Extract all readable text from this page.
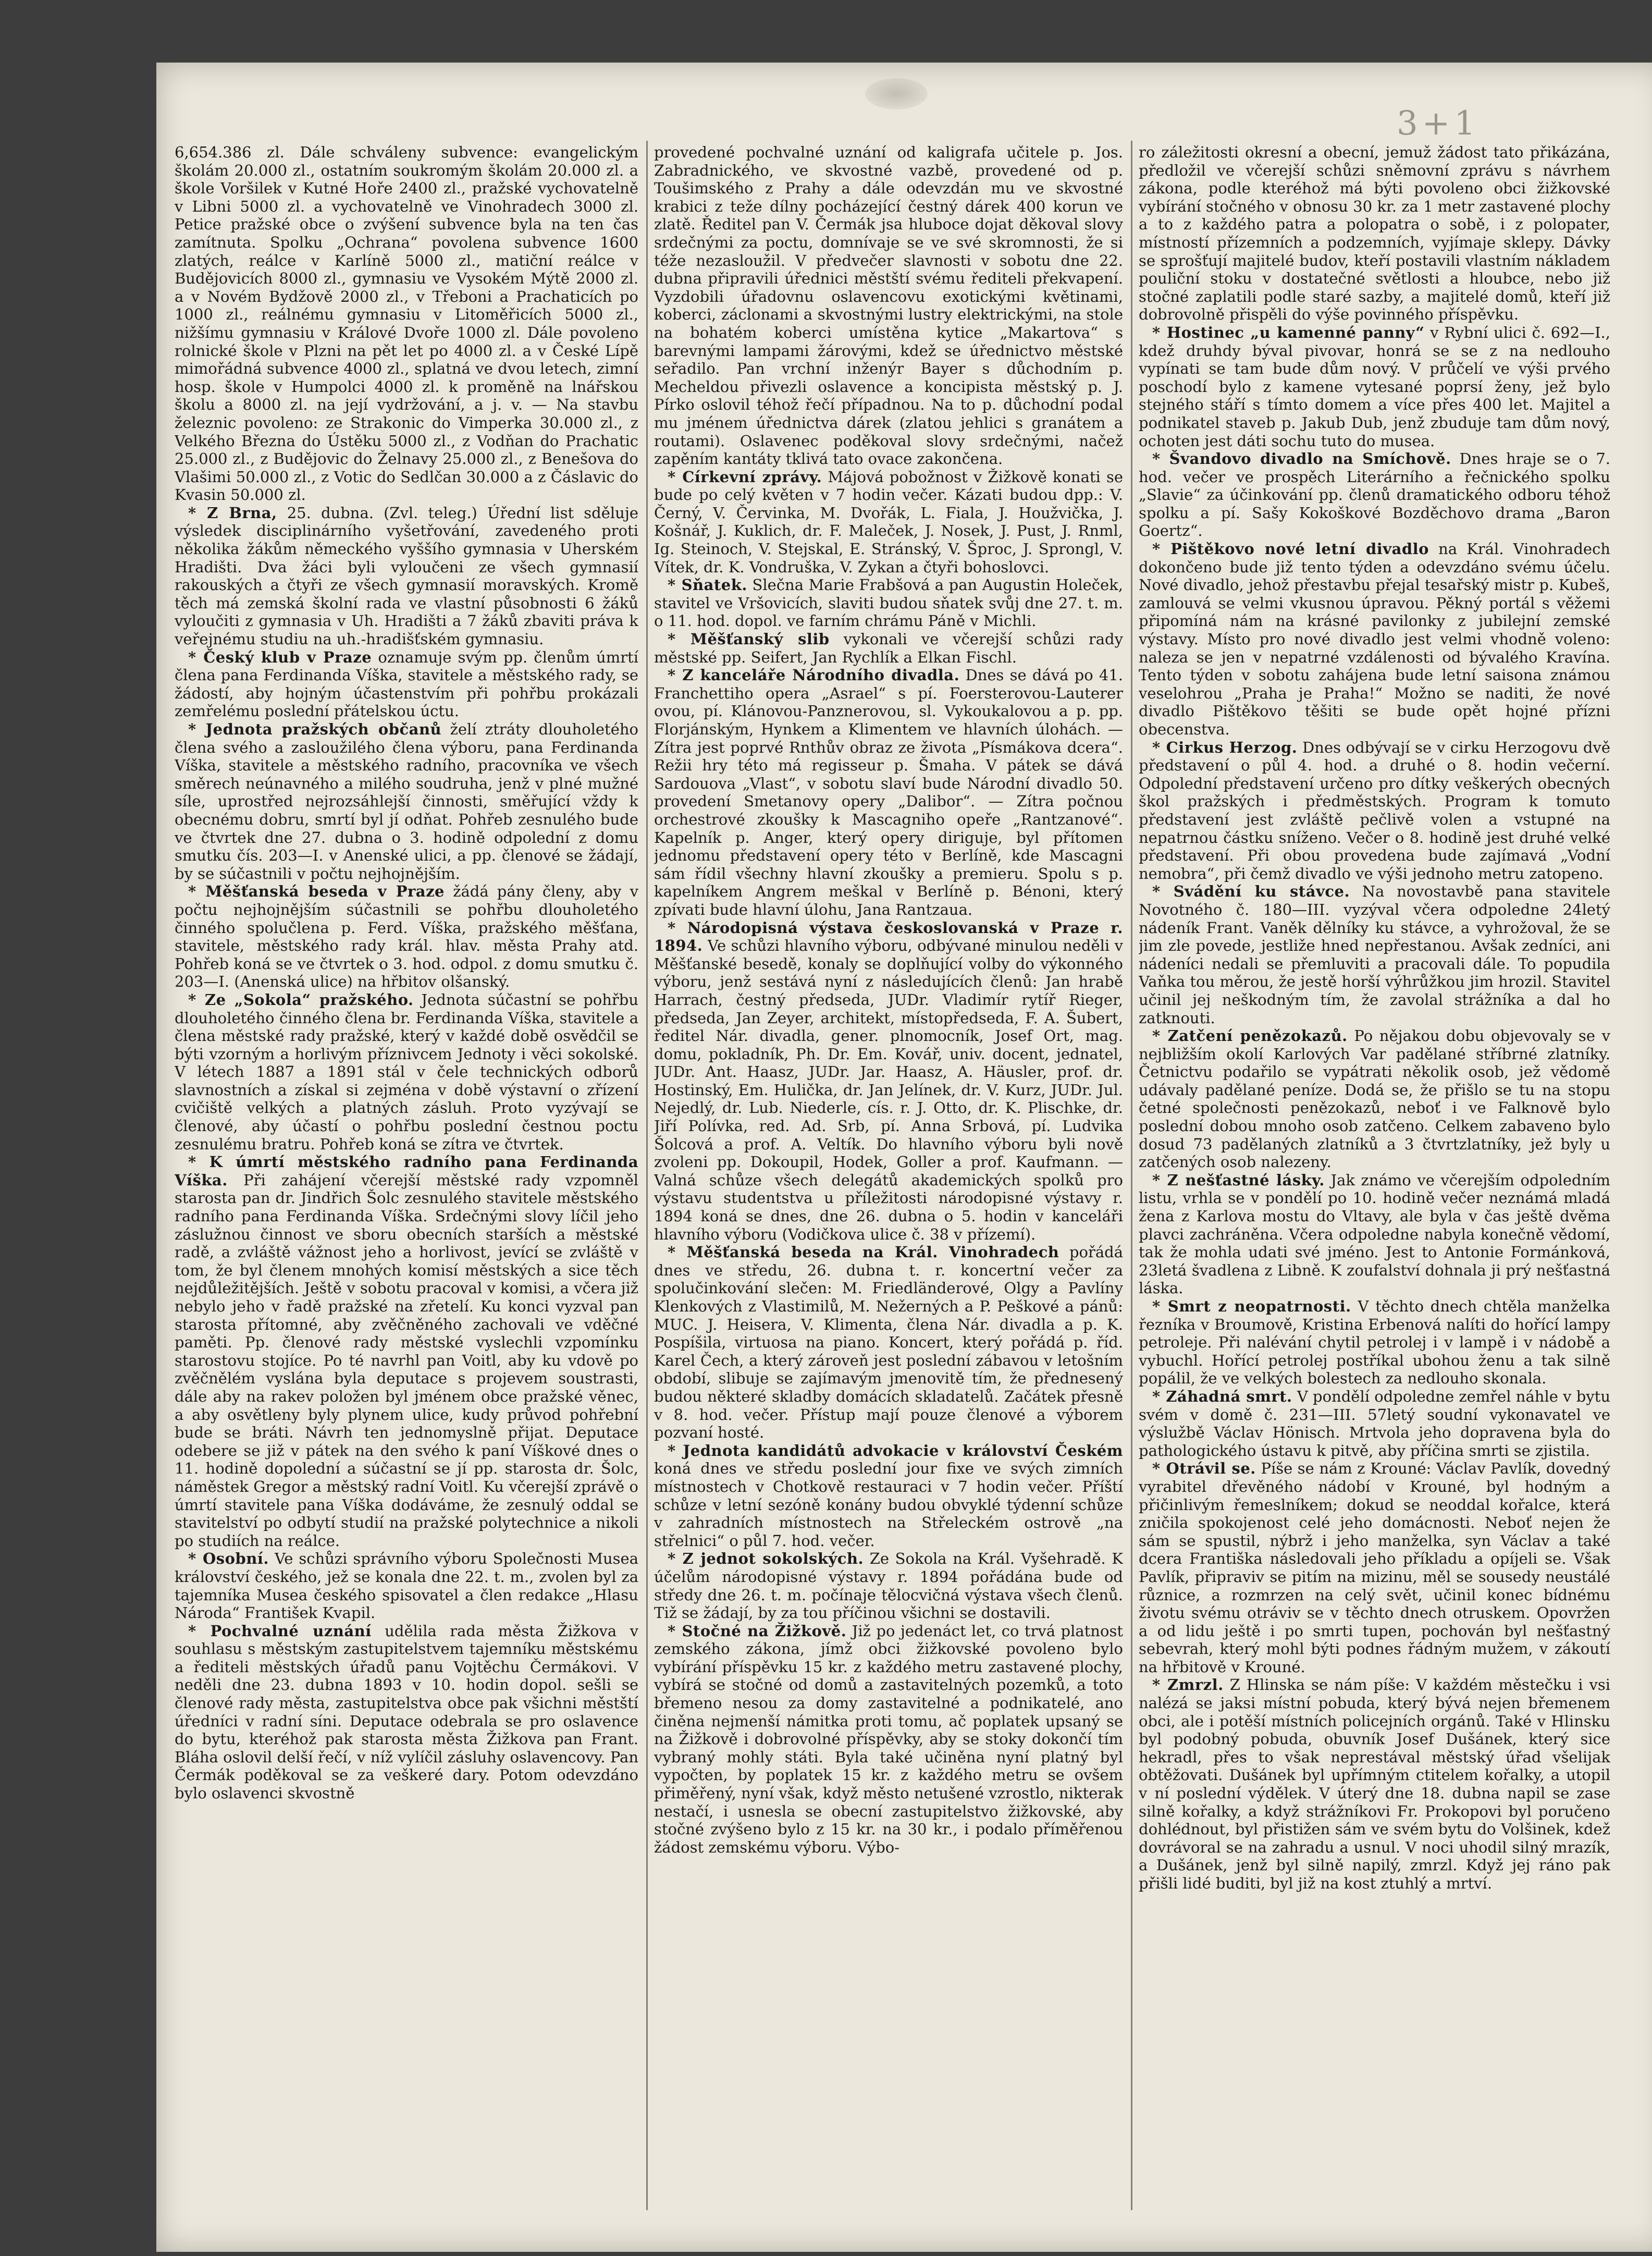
3+1

6,654.386 zl. Dále schváleny subvence: evangelickým školám 20.000 zl., ostatním soukromým školám 20.000 zl. a škole Voršilek v Kutné Hoře 2400 zl., pražské vychovatelně v Libni 5000 zl. a vychovatelně ve Vinohradech 3000 zl. Petice pražské obce o zvýšení subvence byla na ten čas zamítnuta. Spolku „Ochrana“ povolena subvence 1600 zlatých, reálce v Karlíně 5000 zl., matiční reálce v Budějovicích 8000 zl., gymnasiu ve Vysokém Mýtě 2000 zl. a v Novém Bydžově 2000 zl., v Třeboni a Prachaticích po 1000 zl., reálnému gymnasiu v Litoměřicích 5000 zl., nižšímu gymnasiu v Králové Dvoře 1000 zl. Dále povoleno rolnické škole v Plzni na pět let po 4000 zl. a v České Lípě mimořádná subvence 4000 zl., splatná ve dvou letech, zimní hosp. škole v Humpolci 4000 zl. k proměně na lnářskou školu a 8000 zl. na její vydržování, a j. v. — Na stavbu železnic povoleno: ze Strakonic do Vimperka 30.000 zl., z Velkého Března do Ústěku 5000 zl., z Vodňan do Prachatic 25.000 zl., z Budějovic do Želnavy 25.000 zl., z Benešova do Vlašimi 50.000 zl., z Votic do Sedlčan 30.000 a z Čáslavic do Kvasin 50.000 zl.

* Z Brna, 25. dubna. (Zvl. teleg.) Úřední list sděluje výsledek disciplinárního vyšetřování, zavedeného proti několika žákům německého vyššího gymnasia v Uherském Hradišti. Dva žáci byli vyloučeni ze všech gymnasií rakouských a čtyři ze všech gymnasií moravských. Kromě těch má zemská školní rada ve vlastní působnosti 6 žáků vyloučiti z gymnasia v Uh. Hradišti a 7 žáků zbaviti práva k veřejnému studiu na uh.-hradišťském gymnasiu.

* Český klub v Praze oznamuje svým pp. členům úmrtí člena pana Ferdinanda Víška, stavitele a městského rady, se žádostí, aby hojným účastenstvím při pohřbu prokázali zemřelému poslední přátelskou úctu.

* Jednota pražských občanů želí ztráty dlouholetého člena svého a zasloužilého člena výboru, pana Ferdinanda Víška, stavitele a městského radního, pracovníka ve všech směrech neúnavného a milého soudruha, jenž v plné mužné síle, uprostřed nejrozsáhlejší činnosti, směřující vždy k obecnému dobru, smrtí byl jí odňat. Pohřeb zesnulého bude ve čtvrtek dne 27. dubna o 3. hodině odpolední z domu smutku čís. 203—I. v Anenské ulici, a pp. členové se žádají, by se súčastnili v počtu nejhojnějším.

* Měšťanská beseda v Praze žádá pány členy, aby v počtu nejhojnějším súčastnili se pohřbu dlouholetého činného spolučlena p. Ferd. Víška, pražského měšťana, stavitele, městského rady král. hlav. města Prahy atd. Pohřeb koná se ve čtvrtek o 3. hod. odpol. z domu smutku č. 203—I. (Anenská ulice) na hřbitov olšanský.

* Ze „Sokola“ pražského. Jednota súčastní se pohřbu dlouholetého činného člena br. Ferdinanda Víška, stavitele a člena městské rady pražské, který v každé době osvědčil se býti vzorným a horlivým příznivcem Jednoty i věci sokolské. V létech 1887 a 1891 stál v čele technických odborů slavnostních a získal si zejména v době výstavní o zřízení cvičiště velkých a platných zásluh. Proto vyzývají se členové, aby účastí o pohřbu poslední čestnou poctu zesnulému bratru. Pohřeb koná se zítra ve čtvrtek.

* K úmrtí městského radního pana Ferdinanda Víška. Při zahájení včerejší městské rady vzpomněl starosta pan dr. Jindřich Šolc zesnulého stavitele městského radního pana Ferdinanda Víška. Srdečnými slovy líčil jeho záslužnou činnost ve sboru obecních starších a městské radě, a zvláště vážnost jeho a horlivost, jevící se zvláště v tom, že byl členem mnohých komisí městských a sice těch nejdůležitějších. Ještě v sobotu pracoval v komisi, a včera již nebylo jeho v řadě pražské na zřetelí. Ku konci vyzval pan starosta přítomné, aby zvěčněného zachovali ve vděčné paměti. Pp. členové rady městské vyslechli vzpomínku starostovu stojíce. Po té navrhl pan Voitl, aby ku vdově po zvěčnělém vyslána byla deputace s projevem soustrasti, dále aby na rakev položen byl jménem obce pražské věnec, a aby osvětleny byly plynem ulice, kudy průvod pohřební bude se bráti. Návrh ten jednomyslně přijat. Deputace odebere se již v pátek na den svého k paní Víškové dnes o 11. hodině dopolední a súčastní se jí pp. starosta dr. Šolc, náměstek Gregor a městský radní Voitl. Ku včerejší zprávě o úmrtí stavitele pana Víška dodáváme, že zesnulý oddal se stavitelství po odbytí studií na pražské polytechnice a nikoli po studiích na reálce.

* Osobní. Ve schůzi správního výboru Společnosti Musea království českého, jež se konala dne 22. t. m., zvolen byl za tajemníka Musea českého spisovatel a člen redakce „Hlasu Národa“ František Kvapil.

* Pochvalné uznání udělila rada města Žižkova v souhlasu s městským zastupitelstvem tajemníku městskému a řediteli městských úřadů panu Vojtěchu Čermákovi. V neděli dne 23. dubna 1893 v 10. hodin dopol. sešli se členové rady města, zastupitelstva obce pak všichni městští úředníci v radní síni. Deputace odebrala se pro oslavence do bytu, kteréhož pak starosta města Žižkova pan Frant. Bláha oslovil delší řečí, v níž vylíčil zásluhy oslavencovy. Pan Čermák poděkoval se za veškeré dary. Potom odevzdáno bylo oslavenci skvostně

provedené pochvalné uznání od kaligrafa učitele p. Jos. Zabradnického, ve skvostné vazbě, provedené od p. Toušimského z Prahy a dále odevzdán mu ve skvostné krabici z teže dílny pocházející čestný dárek 400 korun ve zlatě. Ředitel pan V. Čermák jsa hluboce dojat děkoval slovy srdečnými za poctu, domnívaje se ve své skromnosti, že si téže nezasloužil. V předvečer slavnosti v sobotu dne 22. dubna připravili úřednici městští svému řediteli překvapení. Vyzdobili úřadovnu oslavencovu exotickými květinami, koberci, záclonami a skvostnými lustry elektrickými, na stole na bohatém koberci umístěna kytice „Makartova“ s barevnými lampami žárovými, kdež se úřednictvo městské seřadilo. Pan vrchní inženýr Bayer s důchodním p. Mecheldou přivezli oslavence a koncipista městský p. J. Pírko oslovil téhož řečí případnou. Na to p. důchodní podal mu jménem úřednictva dárek (zlatou jehlici s granátem a routami). Oslavenec poděkoval slovy srdečnými, načež zapěním kantáty tklivá tato ovace zakončena.

* Církevní zprávy. Májová pobožnost v Žižkově konati se bude po celý květen v 7 hodin večer. Kázati budou dpp.: V. Černý, V. Červinka, M. Dvořák, L. Fiala, J. Houžvička, J. Košnář, J. Kuklich, dr. F. Maleček, J. Nosek, J. Pust, J. Rnml, Ig. Steinoch, V. Stejskal, E. Stránský, V. Šproc, J. Sprongl, V. Vítek, dr. K. Vondruška, V. Zykan a čtyři bohoslovci.

* Sňatek. Slečna Marie Frabšová a pan Augustin Holeček, stavitel ve Vršovicích, slaviti budou sňatek svůj dne 27. t. m. o 11. hod. dopol. ve farním chrámu Páně v Michli.

* Měšťanský slib vykonali ve včerejší schůzi rady městské pp. Seifert, Jan Rychlík a Elkan Fischl.

* Z kanceláře Národního divadla. Dnes se dává po 41. Franchettiho opera „Asrael“ s pí. Foersterovou-Lauterer ovou, pí. Klánovou-Panznerovou, sl. Vykoukalovou a p. pp. Florjánským, Hynkem a Klimentem ve hlavních úlohách. — Zítra jest poprvé Rnthův obraz ze života „Písmákova dcera“. Režii hry této má regisseur p. Šmaha. V pátek se dává Sardouova „Vlast“, v sobotu slaví bude Národní divadlo 50. provedení Smetanovy opery „Dalibor“. — Zítra počnou orchestrové zkoušky k Mascagniho opeře „Rantzanové“. Kapelník p. Anger, který opery diriguje, byl přítomen jednomu představení opery této v Berlíně, kde Mascagni sám řídil všechny hlavní zkoušky a premieru. Spolu s p. kapelníkem Angrem meškal v Berlíně p. Bénoni, který zpívati bude hlavní úlohu, Jana Rantzaua.

* Národopisná výstava českoslovanská v Praze r. 1894. Ve schůzi hlavního výboru, odbývané minulou neděli v Měšťanské besedě, konaly se doplňující volby do výkonného výboru, jenž sestává nyní z následujících členů: Jan hrabě Harrach, čestný předseda, JUDr. Vladimír rytíř Rieger, předseda, Jan Zeyer, architekt, místopředseda, F. A. Šubert, ředitel Nár. divadla, gener. plnomocník, Josef Ort, mag. domu, pokladník, Ph. Dr. Em. Kovář, univ. docent, jednatel, JUDr. Ant. Haasz, JUDr. Jar. Haasz, A. Häusler, prof. dr. Hostinský, Em. Hulička, dr. Jan Jelínek, dr. V. Kurz, JUDr. Jul. Nejedlý, dr. Lub. Niederle, cís. r. J. Otto, dr. K. Plischke, dr. Jiří Polívka, red. Ad. Srb, pí. Anna Srbová, pí. Ludvika Šolcová a prof. A. Veltík. Do hlavního výboru byli nově zvoleni pp. Dokoupil, Hodek, Goller a prof. Kaufmann. — Valná schůze všech delegátů akademických spolků pro výstavu studentstva u příležitosti národopisné výstavy r. 1894 koná se dnes, dne 26. dubna o 5. hodin v kanceláři hlavního výboru (Vodičkova ulice č. 38 v přízemí).

* Měšťanská beseda na Král. Vinohradech pořádá dnes ve středu, 26. dubna t. r. koncertní večer za spolučinkování slečen: M. Friedländerové, Olgy a Pavlíny Klenkových z Vlastimilů, M. Nežerných a P. Peškové a pánů: MUC. J. Heisera, V. Klimenta, člena Nár. divadla a p. K. Pospíšila, virtuosa na piano. Koncert, který pořádá p. říd. Karel Čech, a který zároveň jest poslední zábavou v letošním období, slibuje se zajímavým jmenovitě tím, že přednesený budou některé skladby domácích skladatelů. Začátek přesně v 8. hod. večer. Přístup mají pouze členové a výborem pozvaní hosté.

* Jednota kandidátů advokacie v království Českém koná dnes ve středu poslední jour fixe ve svých zimních místnostech v Chotkově restauraci v 7 hodin večer. Příští schůze v letní sezóně konány budou obvyklé týdenní schůze v zahradních místnostech na Střeleckém ostrově „na střelnici“ o půl 7. hod. večer.

* Z jednot sokolských. Ze Sokola na Král. Vyšehradě. K účelům národopisné výstavy r. 1894 pořádána bude od středy dne 26. t. m. počínaje tělocvičná výstava všech členů. Tiž se žádají, by za tou příčinou všichni se dostavili.

* Stočné na Žižkově. Již po jedenáct let, co trvá platnost zemského zákona, jímž obci žižkovské povoleno bylo vybírání příspěvku 15 kr. z každého metru zastavené plochy, vybírá se stočné od domů a zastavitelných pozemků, a toto břemeno nesou za domy zastavitelné a podnikatelé, ano činěna nejmenší námitka proti tomu, ač poplatek upsaný se na Žižkově i dobrovolné příspěvky, aby se stoky dokončí tím vybraný mohly státi. Byla také učiněna nyní platný byl vypočten, by poplatek 15 kr. z každého metru se ovšem přiměřený, nyní však, když město netušené vzrostlo, nikterak nestačí, i usnesla se obecní zastupitelstvo žižkovské, aby stočné zvýšeno bylo z 15 kr. na 30 kr., i podalo příměřenou žádost zemskému výboru. Výbo-

ro záležitosti okresní a obecní, jemuž žádost tato přikázána, předložil ve včerejší schůzi sněmovní zprávu s návrhem zákona, podle kteréhož má býti povoleno obci žižkovské vybírání stočného v obnosu 30 kr. za 1 metr zastavené plochy a to z každého patra a polopatra o sobě, i z polopater, místností přízemních a podzemních, vyjímaje sklepy. Dávky se sprošťují majitelé budov, kteří postavili vlastním nákladem pouliční stoku v dostatečné světlosti a hloubce, nebo již stočné zaplatili podle staré sazby, a majitelé domů, kteří již dobrovolně přispěli do výše povinného příspěvku.

* Hostinec „u kamenné panny“ v Rybní ulici č. 692—I., kdež druhdy býval pivovar, honrá se se z na nedlouho vypínati se tam bude dům nový. V průčelí ve výši prvého poschodí bylo z kamene vytesané poprsí ženy, jež bylo stejného stáří s tímto domem a více přes 400 let. Majitel a podnikatel staveb p. Jakub Dub, jenž zbuduje tam dům nový, ochoten jest dáti sochu tuto do musea.

* Švandovo divadlo na Smíchově. Dnes hraje se o 7. hod. večer ve prospěch Literárního a řečnického spolku „Slavie“ za účinkování pp. členů dramatického odboru téhož spolku a pí. Sašy Kokoškové Bozděchovo drama „Baron Goertz“.

* Pištěkovo nové letní divadlo na Král. Vinohradech dokončeno bude již tento týden a odevzdáno svému účelu. Nové divadlo, jehož přestavbu přejal tesařský mistr p. Kubeš, zamlouvá se velmi vkusnou úpravou. Pěkný portál s věžemi připomíná nám na krásné pavilonky z jubilejní zemské výstavy. Místo pro nové divadlo jest velmi vhodně voleno: naleza se jen v nepatrné vzdálenosti od bývalého Kravína. Tento týden v sobotu zahájena bude letní saisona známou veselohrou „Praha je Praha!“ Možno se naditi, že nové divadlo Pištěkovo těšiti se bude opět hojné přízni obecenstva.

* Cirkus Herzog. Dnes odbývají se v cirku Herzogovu dvě představení o půl 4. hod. a druhé o 8. hodin večerní. Odpolední představení určeno pro dítky veškerých obecných škol pražských i předměstských. Program k tomuto představení jest zvláště pečlivě volen a vstupné na nepatrnou částku sníženo. Večer o 8. hodině jest druhé velké představení. Při obou provedena bude zajímavá „Vodní nemobra“, při čemž divadlo ve výši jednoho metru zatopeno.

* Svádění ku stávce. Na novostavbě pana stavitele Novotného č. 180—III. vyzýval včera odpoledne 24letý nádeník Frant. Vaněk dělníky ku stávce, a vyhrožoval, že se jim zle povede, jestliže hned nepřestanou. Avšak zedníci, ani nádeníci nedali se přemluviti a pracovali dále. To popudila Vaňka tou měrou, že jestě horší výhrůžkou jim hrozil. Stavitel učinil jej neškodným tím, že zavolal strážníka a dal ho zatknouti.

* Zatčení penězokazů. Po nějakou dobu objevovaly se v nejbližším okolí Karlových Var padělané stříbrné zlatníky. Četnictvu podařilo se vypátrati několik osob, jež vědomě udávaly padělané peníze. Dodá se, že přišlo se tu na stopu četné společnosti penězokazů, neboť i ve Falknově bylo poslední dobou mnoho osob zatčeno. Celkem zabaveno bylo dosud 73 padělaných zlatníků a 3 čtvrtzlatníky, jež byly u zatčených osob nalezeny.

* Z nešťastné lásky. Jak známo ve včerejším odpoledním listu, vrhla se v pondělí po 10. hodině večer neznámá mladá žena z Karlova mostu do Vltavy, ale byla v čas ještě dvěma plavci zachráněna. Včera odpoledne nabyla konečně vědomí, tak že mohla udati své jméno. Jest to Antonie Formánková, 23letá švadlena z Libně. K zoufalství dohnala ji prý nešťastná láska.

* Smrt z neopatrnosti. V těchto dnech chtěla manželka řezníka v Broumově, Kristina Erbenová nalíti do hořící lampy petroleje. Při nalévání chytil petrolej i v lampě i v nádobě a vybuchl. Hořící petrolej postříkal ubohou ženu a tak silně popálil, že ve velkých bolestech za nedlouho skonala.

* Záhadná smrt. V pondělí odpoledne zemřel náhle v bytu svém v domě č. 231—III. 57letý soudní vykonavatel ve výslužbě Václav Hönisch. Mrtvola jeho dopravena byla do pathologického ústavu k pitvě, aby příčina smrti se zjistila.

* Otrávil se. Píše se nám z Krouné: Václav Pavlík, dovedný vyrabitel dřevěného nádobí v Krouné, byl hodným a přičinlivým řemeslníkem; dokud se neoddal kořalce, která zničila spokojenost celé jeho domácnosti. Neboť nejen že sám se spustil, nýbrž i jeho manželka, syn Václav a také dcera Františka následovali jeho příkladu a opíjeli se. Však Pavlík, připraviv se pitím na mizinu, měl se sousedy neustálé různice, a rozmrzen na celý svět, učinil konec bídnému životu svému otráviv se v těchto dnech otruskem. Opovržen a od lidu ještě i po smrti tupen, pochován byl nešťastný sebevrah, který mohl býti podnes řádným mužem, v zákoutí na hřbitově v Krouné.

* Zmrzl. Z Hlinska se nám píše: V každém městečku i vsi nalézá se jaksi místní pobuda, který bývá nejen břemenem obci, ale i potěší místních policejních orgánů. Také v Hlinsku byl podobný pobuda, obuvník Josef Dušánek, který sice hekradl, přes to však neprestával městský úřad všelijak obtěžovati. Dušánek byl upřímným ctitelem kořalky, a utopil v ní poslední výdělek. V úterý dne 18. dubna napil se zase silně kořalky, a když strážníkovi Fr. Prokopovi byl poručeno dohlédnout, byl přistižen sám ve svém bytu do Volšinek, kdež dovrávoral se na zahradu a usnul. V noci uhodil silný mrazík, a Dušánek, jenž byl silně napilý, zmrzl. Když jej ráno pak přišli lidé buditi, byl již na kost ztuhlý a mrtví.
